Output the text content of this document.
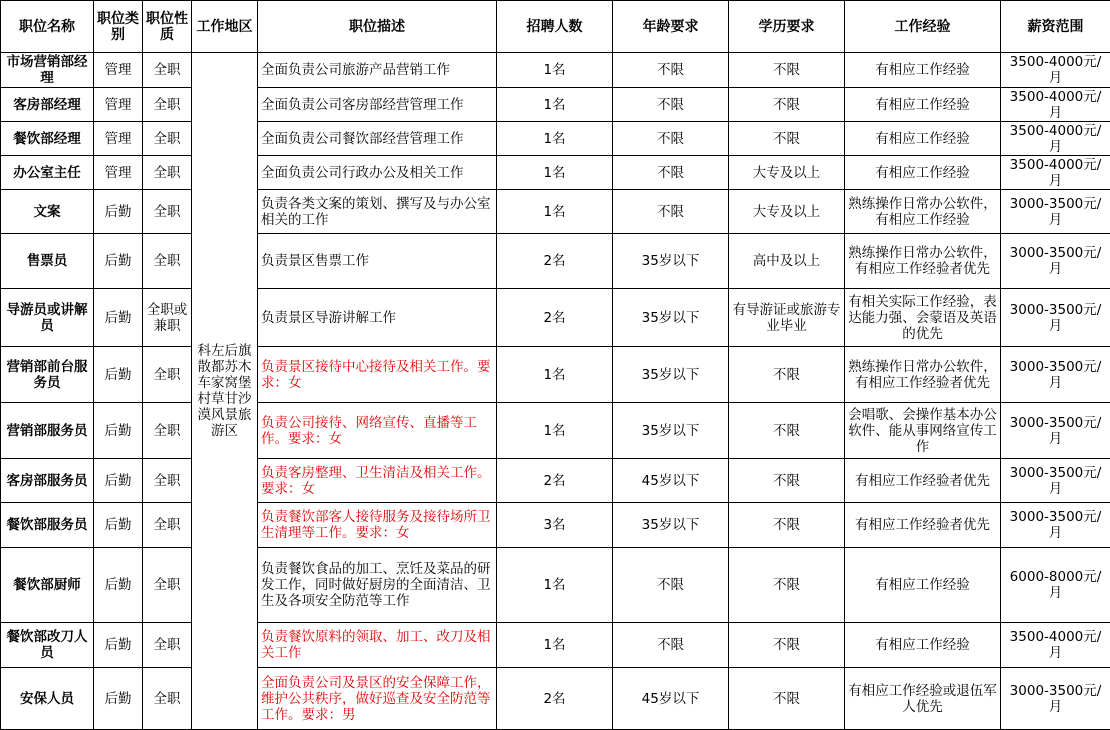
职位名称	职位类别	职位性质	工作地区	职位描述	招聘人数	年龄要求	学历要求	工作经验	薪资范围
市场营销部经理	管理	全职	科左后旗散都苏木车家窝堡村草甘沙漠风景旅游区	全面负责公司旅游产品营销工作	1名	不限	不限	有相应工作经验	3500-4000元/月
客房部经理	管理	全职		全面负责公司客房部经营管理工作	1名	不限	不限	有相应工作经验	3500-4000元/月
餐饮部经理	管理	全职		全面负责公司餐饮部经营管理工作	1名	不限	不限	有相应工作经验	3500-4000元/月
办公室主任	管理	全职		全面负责公司行政办公及相关工作	1名	不限	大专及以上	有相应工作经验	3500-4000元/月
文案	后勤	全职		负责各类文案的策划、撰写及与办公室相关的工作	1名	不限	大专及以上	熟练操作日常办公软件，有相应工作经验	3000-3500元/月
售票员	后勤	全职		负责景区售票工作	2名	35岁以下	高中及以上	熟练操作日常办公软件，有相应工作经验者优先	3000-3500元/月
导游员或讲解员	后勤	全职或兼职		负责景区导游讲解工作	2名	35岁以下	有导游证或旅游专业毕业	有相关实际工作经验，表达能力强、会蒙语及英语的优先	3000-3500元/月
营销部前台服务员	后勤	全职		负责景区接待中心接待及相关工作。要求：女	1名	35岁以下	不限	熟练操作日常办公软件，有相应工作经验者优先	3000-3500元/月
营销部服务员	后勤	全职		负责公司接待、网络宣传、直播等工作。要求：女	1名	35岁以下	不限	会唱歌、会操作基本办公软件、能从事网络宣传工作	3000-3500元/月
客房部服务员	后勤	全职		负责客房整理、卫生清洁及相关工作。要求：女	2名	45岁以下	不限	有相应工作经验者优先	3000-3500元/月
餐饮部服务员	后勤	全职		负责餐饮部客人接待服务及接待场所卫生清理等工作。要求：女	3名	35岁以下	不限	有相应工作经验者优先	3000-3500元/月
餐饮部厨师	后勤	全职		负责餐饮食品的加工、烹饪及菜品的研发工作，同时做好厨房的全面清洁、卫生及各项安全防范等工作	1名	不限	不限	有相应工作经验	6000-8000元/月
餐饮部改刀人员	后勤	全职		负责餐饮原料的领取、加工、改刀及相关工作	1名	不限	不限	有相应工作经验	3500-4000元/月
安保人员	后勤	全职		全面负责公司及景区的安全保障工作，维护公共秩序，做好巡查及安全防范等工作。要求：男	2名	45岁以下	不限	有相应工作经验或退伍军人优先	3000-3500元/月
